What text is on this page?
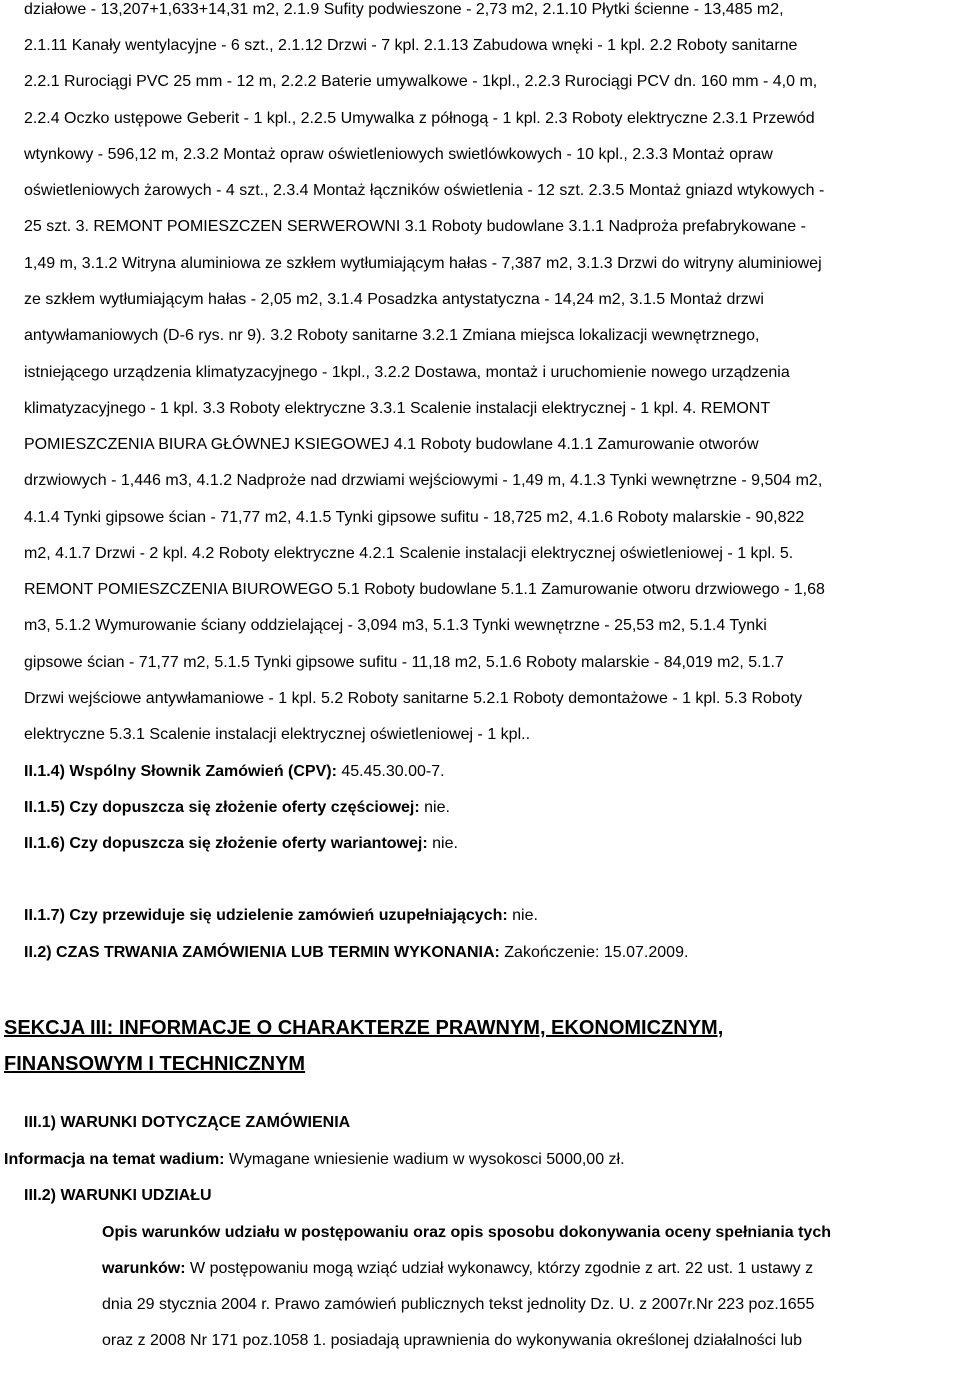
działowe - 13,207+1,633+14,31 m2, 2.1.9 Sufity podwieszone - 2,73 m2, 2.1.10 Płytki ścienne - 13,485 m2,
2.1.11 Kanały wentylacyjne - 6 szt., 2.1.12 Drzwi - 7 kpl. 2.1.13 Zabudowa wnęki - 1 kpl. 2.2 Roboty sanitarne
2.2.1 Rurociągi PVC 25 mm - 12 m, 2.2.2 Baterie umywalkowe - 1kpl., 2.2.3 Rurociągi PCV dn. 160 mm - 4,0 m,
2.2.4 Oczko ustępowe Geberit - 1 kpl., 2.2.5 Umywalka z półnogą - 1 kpl. 2.3 Roboty elektryczne 2.3.1 Przewód
wtynkowy - 596,12 m, 2.3.2 Montaż opraw oświetleniowych swietlówkowych - 10 kpl., 2.3.3 Montaż opraw
oświetleniowych żarowych - 4 szt., 2.3.4 Montaż łączników oświetlenia - 12 szt. 2.3.5 Montaż gniazd wtykowych -
25 szt. 3. REMONT POMIESZCZEN SERWEROWNI 3.1 Roboty budowlane 3.1.1 Nadproża prefabrykowane -
1,49 m, 3.1.2 Witryna aluminiowa ze szkłem wytłumiającym hałas - 7,387 m2, 3.1.3 Drzwi do witryny aluminiowej
ze szkłem wytłumiającym hałas - 2,05 m2, 3.1.4 Posadzka antystatyczna - 14,24 m2, 3.1.5 Montaż drzwi
antywłamaniowych (D-6 rys. nr 9). 3.2 Roboty sanitarne 3.2.1 Zmiana miejsca lokalizacji wewnętrznego,
istniejącego urządzenia klimatyzacyjnego - 1kpl., 3.2.2 Dostawa, montaż i uruchomienie nowego urządzenia
klimatyzacyjnego - 1 kpl. 3.3 Roboty elektryczne 3.3.1 Scalenie instalacji elektrycznej - 1 kpl. 4. REMONT
POMIESZCZENIA BIURA GŁÓWNEJ KSIEGOWEJ 4.1 Roboty budowlane 4.1.1 Zamurowanie otworów
drzwiowych - 1,446 m3, 4.1.2 Nadproże nad drzwiami wejściowymi - 1,49 m, 4.1.3 Tynki wewnętrzne - 9,504 m2,
4.1.4 Tynki gipsowe ścian - 71,77 m2, 4.1.5 Tynki gipsowe sufitu - 18,725 m2, 4.1.6 Roboty malarskie - 90,822
m2, 4.1.7 Drzwi - 2 kpl. 4.2 Roboty elektryczne 4.2.1 Scalenie instalacji elektrycznej oświetleniowej - 1 kpl. 5.
REMONT POMIESZCZENIA BIUROWEGO 5.1 Roboty budowlane 5.1.1 Zamurowanie otworu drzwiowego - 1,68
m3, 5.1.2 Wymurowanie ściany oddzielającej - 3,094 m3, 5.1.3 Tynki wewnętrzne - 25,53 m2, 5.1.4 Tynki
gipsowe ścian - 71,77 m2, 5.1.5 Tynki gipsowe sufitu - 11,18 m2, 5.1.6 Roboty malarskie - 84,019 m2, 5.1.7
Drzwi wejściowe antywłamaniowe - 1 kpl. 5.2 Roboty sanitarne 5.2.1 Roboty demontażowe - 1 kpl. 5.3 Roboty
elektryczne 5.3.1 Scalenie instalacji elektrycznej oświetleniowej - 1 kpl..
II.1.4) Wspólny Słownik Zamówień (CPV): 45.45.30.00-7.
II.1.5) Czy dopuszcza się złożenie oferty częściowej: nie.
II.1.6) Czy dopuszcza się złożenie oferty wariantowej: nie.
II.1.7) Czy przewiduje się udzielenie zamówień uzupełniających: nie.
II.2) CZAS TRWANIA ZAMÓWIENIA LUB TERMIN WYKONANIA: Zakończenie: 15.07.2009.
SEKCJA III: INFORMACJE O CHARAKTERZE PRAWNYM, EKONOMICZNYM,
FINANSOWYM I TECHNICZNYM
III.1) WARUNKI DOTYCZĄCE ZAMÓWIENIA
Informacja na temat wadium: Wymagane wniesienie wadium w wysokosci 5000,00 zł.
III.2) WARUNKI UDZIAŁU
Opis warunków udziału w postępowaniu oraz opis sposobu dokonywania oceny spełniania tych
warunków: W postępowaniu mogą wziąć udział wykonawcy, którzy zgodnie z art. 22 ust. 1 ustawy z
dnia 29 stycznia 2004 r. Prawo zamówień publicznych tekst jednolity Dz. U. z 2007r.Nr 223 poz.1655
oraz z 2008 Nr 171 poz.1058 1. posiadają uprawnienia do wykonywania określonej działalności lub
